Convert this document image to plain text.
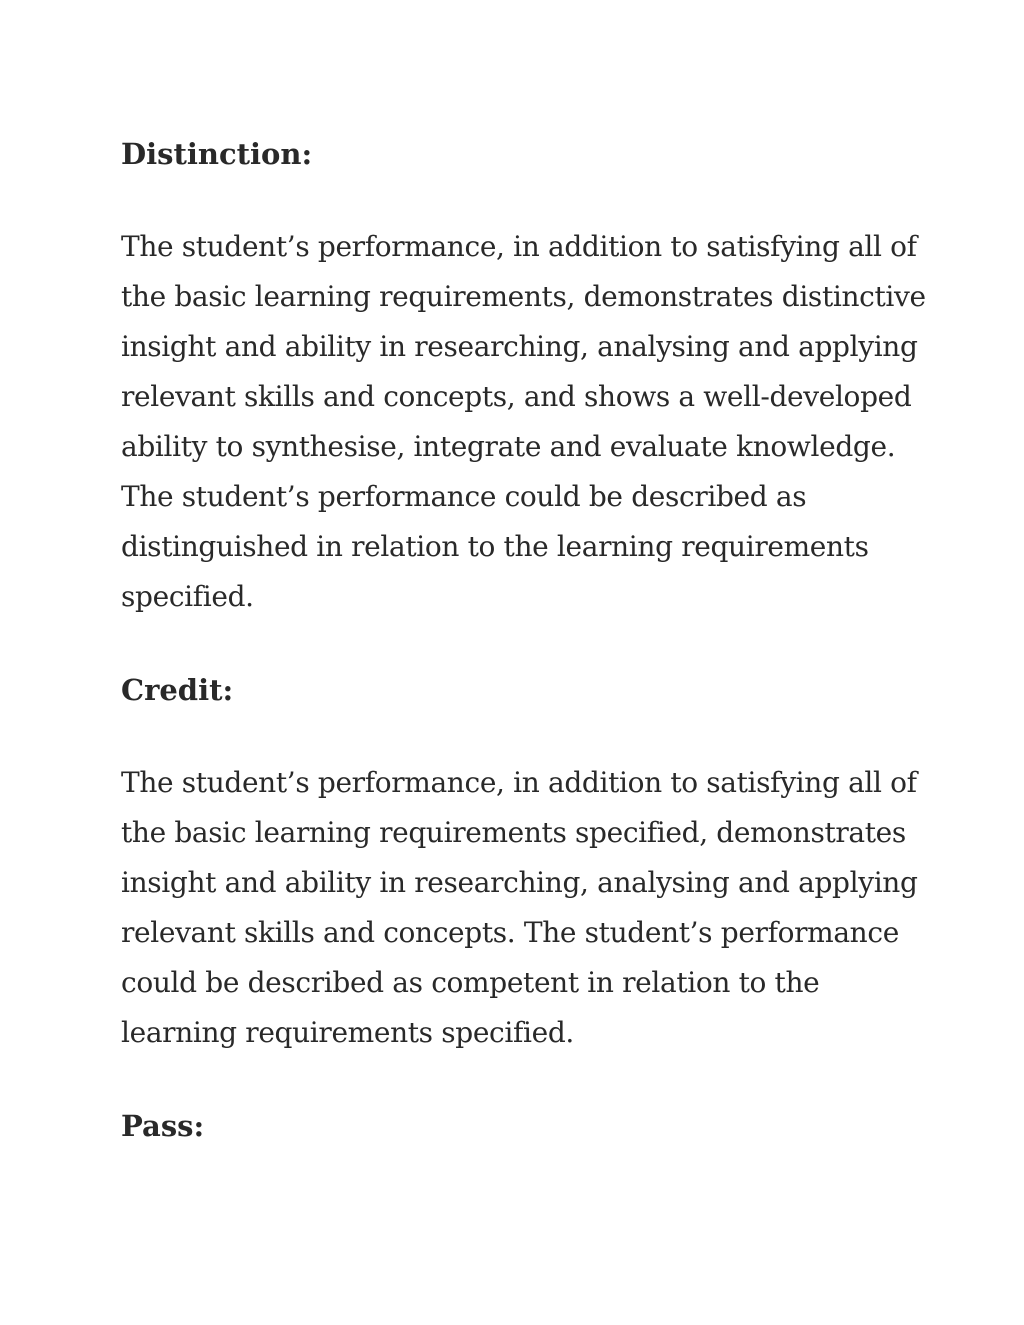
Distinction:
The student’s performance, in addition to satisfying all of
the basic learning requirements, demonstrates distinctive
insight and ability in researching, analysing and applying
relevant skills and concepts, and shows a well-developed
ability to synthesise, integrate and evaluate knowledge.
The student’s performance could be described as
distinguished in relation to the learning requirements
specified.
Credit:
The student’s performance, in addition to satisfying all of
the basic learning requirements specified, demonstrates
insight and ability in researching, analysing and applying
relevant skills and concepts. The student’s performance
could be described as competent in relation to the
learning requirements specified.
Pass:
